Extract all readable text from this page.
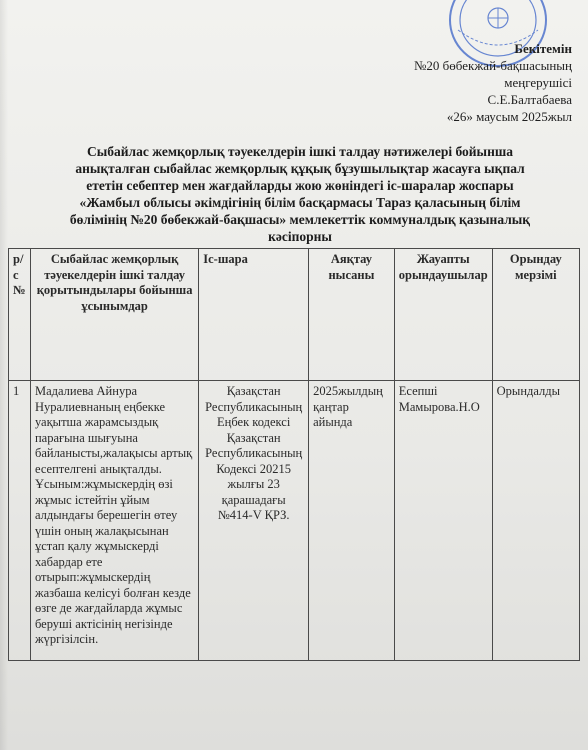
Бекітемін
№20 бөбекжай-бақшасының
меңгерушісі
С.Е.Балтабаева
«26» маусым 2025жыл
Сыбайлас жемқорлық тәуекелдерін ішкі талдау нәтижелері бойынша
анықталған сыбайлас жемқорлық құқық бұзушылықтар жасауға ықпал
ететін себептер мен жағдайларды жою жөніндегі іс-шаралар жоспары
«Жамбыл облысы әкімдігінің білім басқармасы Тараз қаласының білім
бөлімінің №20 бөбекжай-бақшасы» мемлекеттік коммуналдық қазыналық
кәсіпорны
р/с №	Сыбайлас жемқорлық тәуекелдерін ішкі талдау қорытындылары бойынша ұсынымдар	Іс-шара	Аяқтау нысаны	Жауапты орындаушылар	Орындау мерзімі
1	Мадалиева Айнура Нуралиевнаның еңбекке уақытша жарамсыздық парағына шығуына байланысты,жалақысы артық есептелгені анықталды. Ұсыным:жұмыскердің өзі жұмыс істейтін ұйым алдындағы берешегін өтеу үшін оның жалақысынан ұстап қалу жұмыскерді хабардар ете отырып:жұмыскердің жазбаша келісуі болған кезде өзге де жағдайларда жұмыс беруші актісінің негізінде жүргізілсін.	Қазақстан Республикасының Еңбек кодексі Қазақстан Республикасының Кодексі 20215 жылғы 23 қарашадағы №414-V ҚРЗ.	2025жылдың қаңтар айында	Есепші Мамырова.Н.О	Орындалды
